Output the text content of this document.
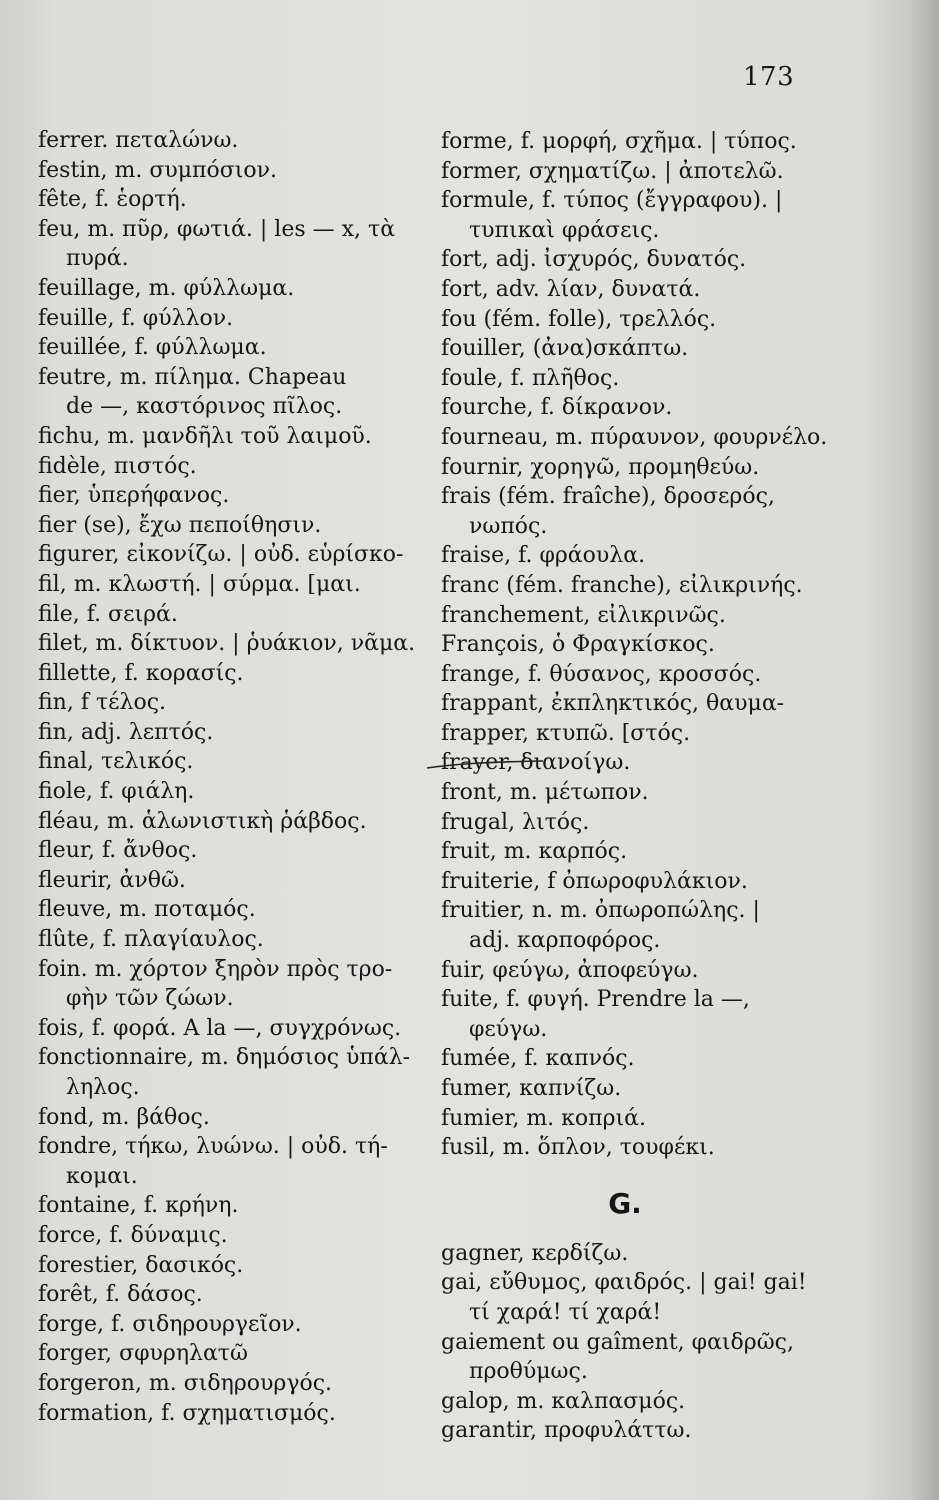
173
ferrer. πεταλώνω.
festin, m. συμπόσιον.
fête, f. ἑορτή.
feu, m. πῦρ, φωτιά. | les — x, τὰ
πυρά.
feuillage, m. φύλλωμα.
feuille, f. φύλλον.
feuillée, f. φύλλωμα.
feutre, m. πίλημα. Chapeau
de —, καστόρινος πῖλος.
fichu, m. μανδῆλι τοῦ λαιμοῦ.
fidèle, πιστός.
fier, ὑπερήφανος.
fier (se), ἔχω πεποίθησιν.
figurer, εἰκονίζω. | οὐδ. εὑρίσκο-
fil, m. κλωστή. | σύρμα. [μαι.
file, f. σειρά.
filet, m. δίκτυον. | ῥυάκιον, νᾶμα.
fillette, f. κορασίς.
fin, f τέλος.
fin, adj. λεπτός.
final, τελικός.
fiole, f. φιάλη.
fléau, m. ἁλωνιστικὴ ῥάβδος.
fleur, f. ἄνθος.
fleurir, ἀνθῶ.
fleuve, m. ποταμός.
flûte, f. πλαγίαυλος.
foin. m. χόρτον ξηρὸν πρὸς τρο-
φὴν τῶν ζώων.
fois, f. φορά. A la —, συγχρόνως.
fonctionnaire, m. δημόσιος ὑπάλ-
ληλος.
fond, m. βάθος.
fondre, τήκω, λυώνω. | οὐδ. τή-
κομαι.
fontaine, f. κρήνη.
force, f. δύναμις.
forestier, δασικός.
forêt, f. δάσος.
forge, f. σιδηρουργεῖον.
forger, σφυρηλατῶ
forgeron, m. σιδηρουργός.
formation, f. σχηματισμός.
forme, f. μορφή, σχῆμα. | τύπος.
former, σχηματίζω. | ἀποτελῶ.
formule, f. τύπος (ἔγγραφου). |
τυπικαὶ φράσεις.
fort, adj. ἰσχυρός, δυνατός.
fort, adv. λίαν, δυνατά.
fou (fém. folle), τρελλός.
fouiller, (ἀνα)σκάπτω.
foule, f. πλῆθος.
fourche, f. δίκρανον.
fourneau, m. πύραυνον, φουρνέλο.
fournir, χορηγῶ, προμηθεύω.
frais (fém. fraîche), δροσερός,
νωπός.
fraise, f. φράουλα.
franc (fém. franche), εἰλικρινής.
franchement, εἰλικρινῶς.
François, ὁ Φραγκίσκος.
frange, f. θύσανος, κροσσός.
frappant, ἐκπληκτικός, θαυμα-
frapper, κτυπῶ. [στός.
frayer, διανοίγω.
front, m. μέτωπον.
frugal, λιτός.
fruit, m. καρπός.
fruiterie, f ὀπωροφυλάκιον.
fruitier, n. m. ὀπωροπώλης. |
adj. καρποφόρος.
fuir, φεύγω, ἀποφεύγω.
fuite, f. φυγή. Prendre la —,
φεύγω.
fumée, f. καπνός.
fumer, καπνίζω.
fumier, m. κοπριά.
fusil, m. ὅπλον, τουφέκι.
G.
gagner, κερδίζω.
gai, εὔθυμος, φαιδρός. | gai! gai!
τί χαρά! τί χαρά!
gaiement ou gaîment, φαιδρῶς,
προθύμως.
galop, m. καλπασμός.
garantir, προφυλάττω.
